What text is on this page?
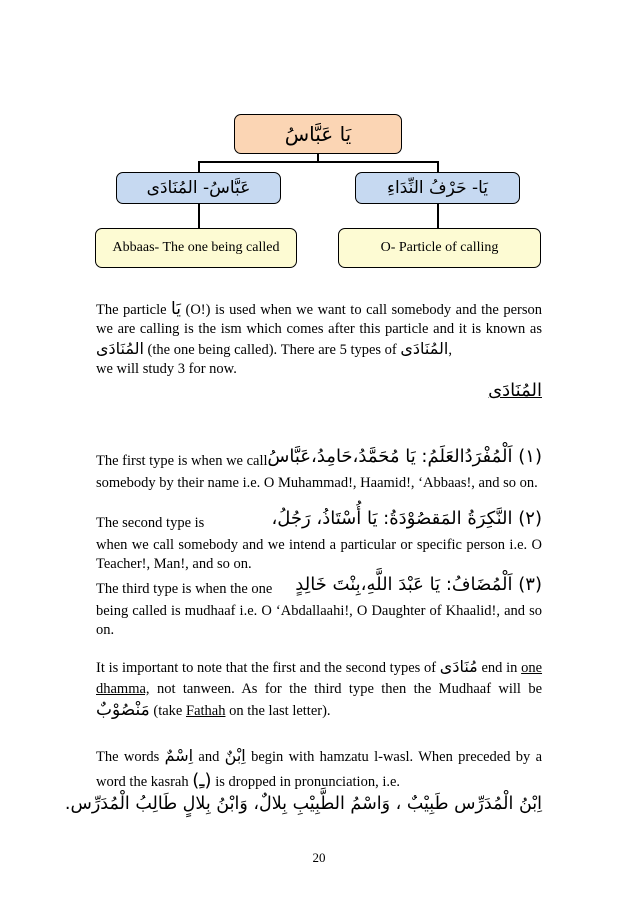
يَا عَبَّاسُ
عَبَّاسُ- المُنَادَى	يَا- حَرْفُ النِّدَاءِ
Abbaas- The one being called	O- Particle of calling

The particle يَا (O!) is used when we want to call somebody and the person we are calling is the ism which comes after this particle and it is known as المُنَادَى (the one being called). There are 5 types of المُنَادَى,
we will study 3 for now.

المُنَادَى
The first type is when we call (١) اَلْمُفْرَدُالعَلَمُ: يَا مُحَمَّدُ،حَامِدُ،عَبَّاسُ

somebody by their name i.e. O Muhammad!, Haamid!, ‘Abbaas!, and so on.

The second type is	(٢) النَّكِرَةُ المَقصُوْدَةُ: يَا أُسْتَاذُ، رَجُلُ،

when we call somebody and we intend a particular or specific person i.e. O Teacher!, Man!, and so on.

The third type is when the one (٣) اَلْمُضَافُ: يَا عَبْدَ اللَّهِ،بِنْتَ خَالِدٍ

being called is mudhaaf i.e. O ‘Abdallaahi!, O Daughter of Khaalid!, and so on.

It is important to note that the first and the second types of مُنَادَى end in one dhamma, not tanween. As for the third type then the Mudhaaf will be مَنْصُوْبٌ (take Fathah on the last letter).

The words اِسْمٌ and اِبْنٌ begin with hamzatu l-wasl. When preceded by a word the kasrah (ـِ) is dropped in pronunciation, i.e.

اِبْنُ الْمُدَرِّس طَبِيْبٌ ، وَاسْمُ الطَّبِيْبِ بِلالٌ، وَابْنُ بِلالٍ طَالِبُ الْمُدَرِّس.
20
